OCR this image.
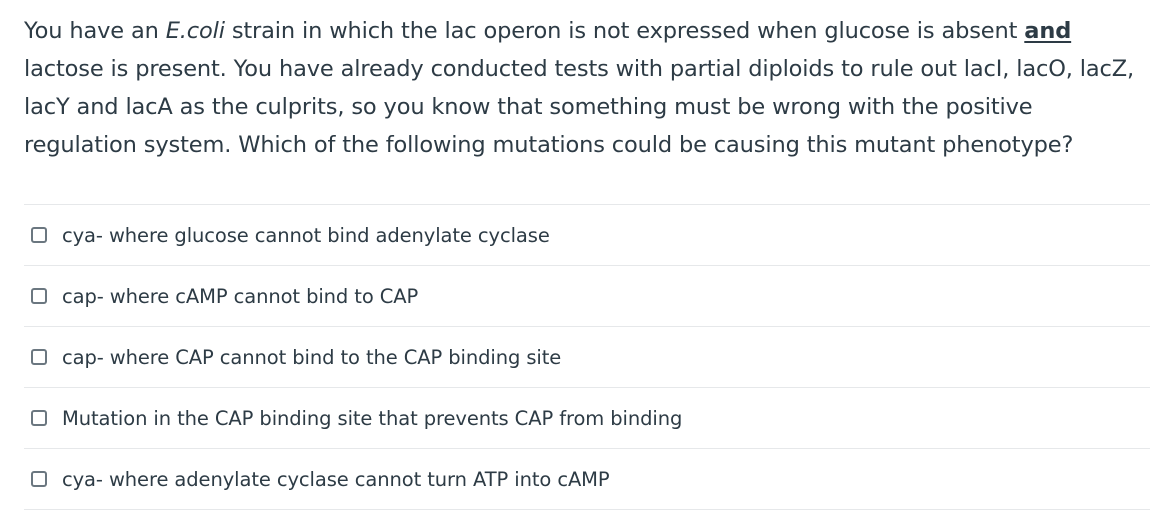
You have an E.coli strain in which the lac operon is not expressed when glucose is absent and lactose is present. You have already conducted tests with partial diploids to rule out lacI, lacO, lacZ, lacY and lacA as the culprits, so you know that something must be wrong with the positive regulation system. Which of the following mutations could be causing this mutant phenotype?
cya- where glucose cannot bind adenylate cyclase
cap- where cAMP cannot bind to CAP
cap- where CAP cannot bind to the CAP binding site
Mutation in the CAP binding site that prevents CAP from binding
cya- where adenylate cyclase cannot turn ATP into cAMP
